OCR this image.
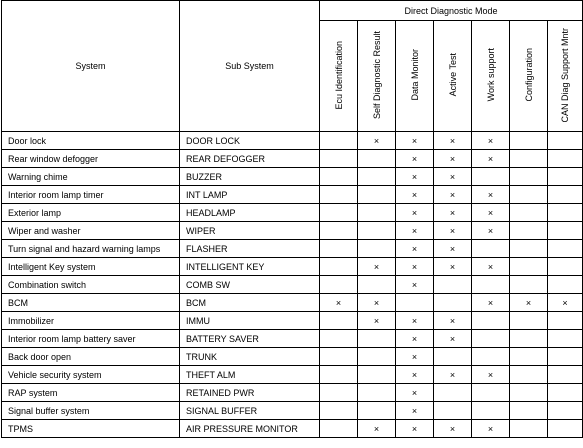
System	Sub System	Direct Diagnostic Mode						
		Ecu Identification	Self Diagnostic Result	Data Monitor	Active Test	Work support	Configuration	CAN Diag Support Mntr
Door lock	DOOR LOCK		×	×	×	×		
Rear window defogger	REAR DEFOGGER			×	×	×		
Warning chime	BUZZER			×	×			
Interior room lamp timer	INT LAMP			×	×	×		
Exterior lamp	HEADLAMP			×	×	×		
Wiper and washer	WIPER			×	×	×		
Turn signal and hazard warning lamps	FLASHER			×	×			
Intelligent Key system	INTELLIGENT KEY		×	×	×	×		
Combination switch	COMB SW			×				
BCM	BCM	×	×			×	×	×
Immobilizer	IMMU		×	×	×			
Interior room lamp battery saver	BATTERY SAVER			×	×			
Back door open	TRUNK			×				
Vehicle security system	THEFT ALM			×	×	×		
RAP system	RETAINED PWR			×				
Signal buffer system	SIGNAL BUFFER			×				
TPMS	AIR PRESSURE MONITOR		×	×	×	×		
